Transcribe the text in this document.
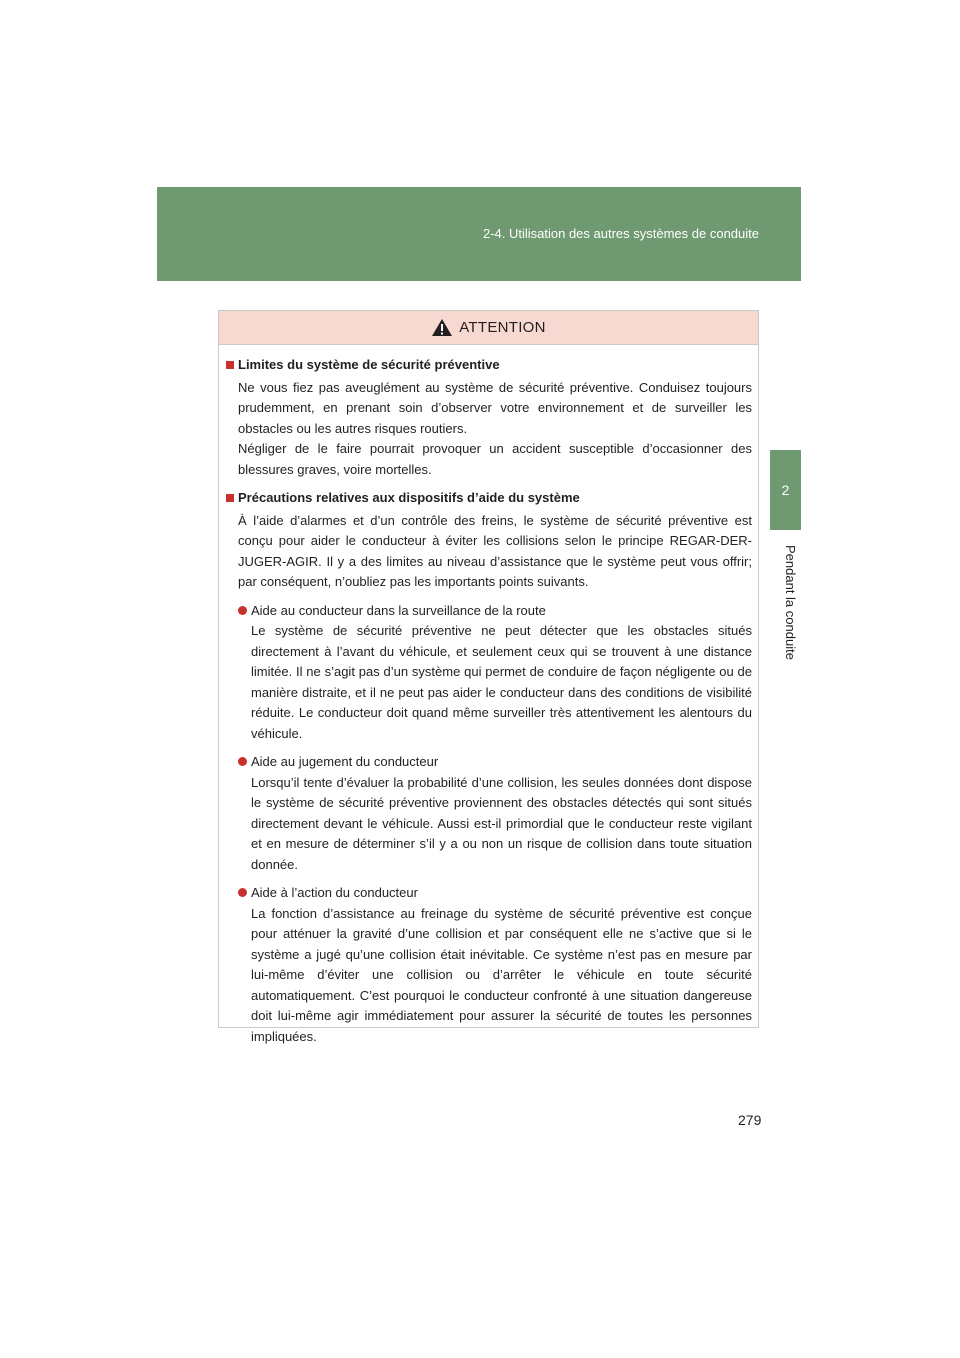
2-4. Utilisation des autres systèmes de conduite
2
Pendant la conduite
ATTENTION
Limites du système de sécurité préventive

Ne vous fiez pas aveuglément au système de sécurité préventive. Conduisez toujours prudemment, en prenant soin d’observer votre environnement et de surveiller les obstacles ou les autres risques routiers.

Négliger de le faire pourrait provoquer un accident susceptible d’occasionner des blessures graves, voire mortelles.

Précautions relatives aux dispositifs d’aide du système

À l’aide d’alarmes et d’un contrôle des freins, le système de sécurité préventive est conçu pour aider le conducteur à éviter les collisions selon le principe REGAR-DER-JUGER-AGIR. Il y a des limites au niveau d’assistance que le système peut vous offrir; par conséquent, n’oubliez pas les importants points suivants.

Aide au conducteur dans la surveillance de la route
Le système de sécurité préventive ne peut détecter que les obstacles situés directement à l’avant du véhicule, et seulement ceux qui se trouvent à une distance limitée. Il ne s’agit pas d’un système qui permet de conduire de façon négligente ou de manière distraite, et il ne peut pas aider le conducteur dans des conditions de visibilité réduite. Le conducteur doit quand même surveiller très attentivement les alentours du véhicule.
Aide au jugement du conducteur
Lorsqu’il tente d’évaluer la probabilité d’une collision, les seules données dont dispose le système de sécurité préventive proviennent des obstacles détectés qui sont situés directement devant le véhicule. Aussi est-il primordial que le conducteur reste vigilant et en mesure de déterminer s’il y a ou non un risque de collision dans toute situation donnée.
Aide à l’action du conducteur
La fonction d’assistance au freinage du système de sécurité préventive est conçue pour atténuer la gravité d’une collision et par conséquent elle ne s’active que si le système a jugé qu’une collision était inévitable. Ce système n’est pas en mesure par lui-même d’éviter une collision ou d’arrêter le véhicule en toute sécurité automatiquement. C’est pourquoi le conducteur confronté à une situation dangereuse doit lui-même agir immédiatement pour assurer la sécurité de toutes les personnes impliquées.
279
